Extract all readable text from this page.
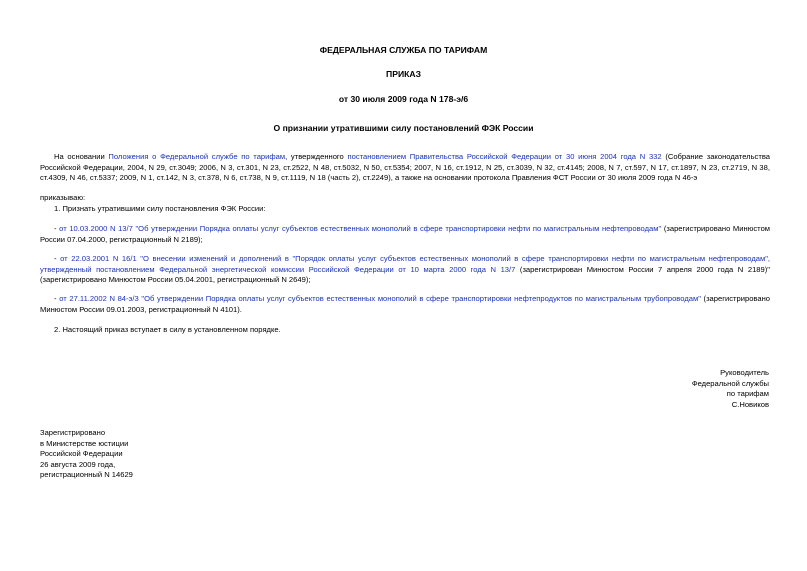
ФЕДЕРАЛЬНАЯ СЛУЖБА ПО ТАРИФАМ
ПРИКАЗ
от 30 июля 2009 года N 178-э/6
О признании утратившими силу постановлений ФЭК России
На основании Положения о Федеральной службе по тарифам, утвержденного постановлением Правительства Российской Федерации от 30 июня 2004 года N 332 (Собрание законодательства Российской Федерации, 2004, N 29, ст.3049; 2006, N 3, ст.301, N 23, ст.2522, N 48, ст.5032, N 50, ст.5354; 2007, N 16, ст.1912, N 25, ст.3039, N 32, ст.4145; 2008, N 7, ст.597, N 17, ст.1897, N 23, ст.2719, N 38, ст.4309, N 46, ст.5337; 2009, N 1, ст.142, N 3, ст.378, N 6, ст.738, N 9, ст.1119, N 18 (часть 2), ст.2249), а также на основании протокола Правления ФСТ России от 30 июля 2009 года N 46-э
приказываю:
1. Признать утратившими силу постановления ФЭК России:
- от 10.03.2000 N 13/7 "Об утверждении Порядка оплаты услуг субъектов естественных монополий в сфере транспортировки нефти по магистральным нефтепроводам" (зарегистрировано Минюстом России 07.04.2000, регистрационный N 2189);
- от 22.03.2001 N 16/1 "О внесении изменений и дополнений в "Порядок оплаты услуг субъектов естественных монополий в сфере транспортировки нефти по магистральным нефтепроводам", утвержденный постановлением Федеральной энергетической комиссии Российской Федерации от 10 марта 2000 года N 13/7 (зарегистрирован Минюстом России 7 апреля 2000 года N 2189)" (зарегистрировано Минюстом России 05.04.2001, регистрационный N 2649);
- от 27.11.2002 N 84-э/3 "Об утверждении Порядка оплаты услуг субъектов естественных монополий в сфере транспортировки нефтепродуктов по магистральным трубопроводам" (зарегистрировано Минюстом России 09.01.2003, регистрационный N 4101).
2. Настоящий приказ вступает в силу в установленном порядке.
Руководитель
Федеральной службы
по тарифам
С.Новиков
Зарегистрировано
в Министерстве юстиции
Российской Федерации
26 августа 2009 года,
регистрационный N 14629
